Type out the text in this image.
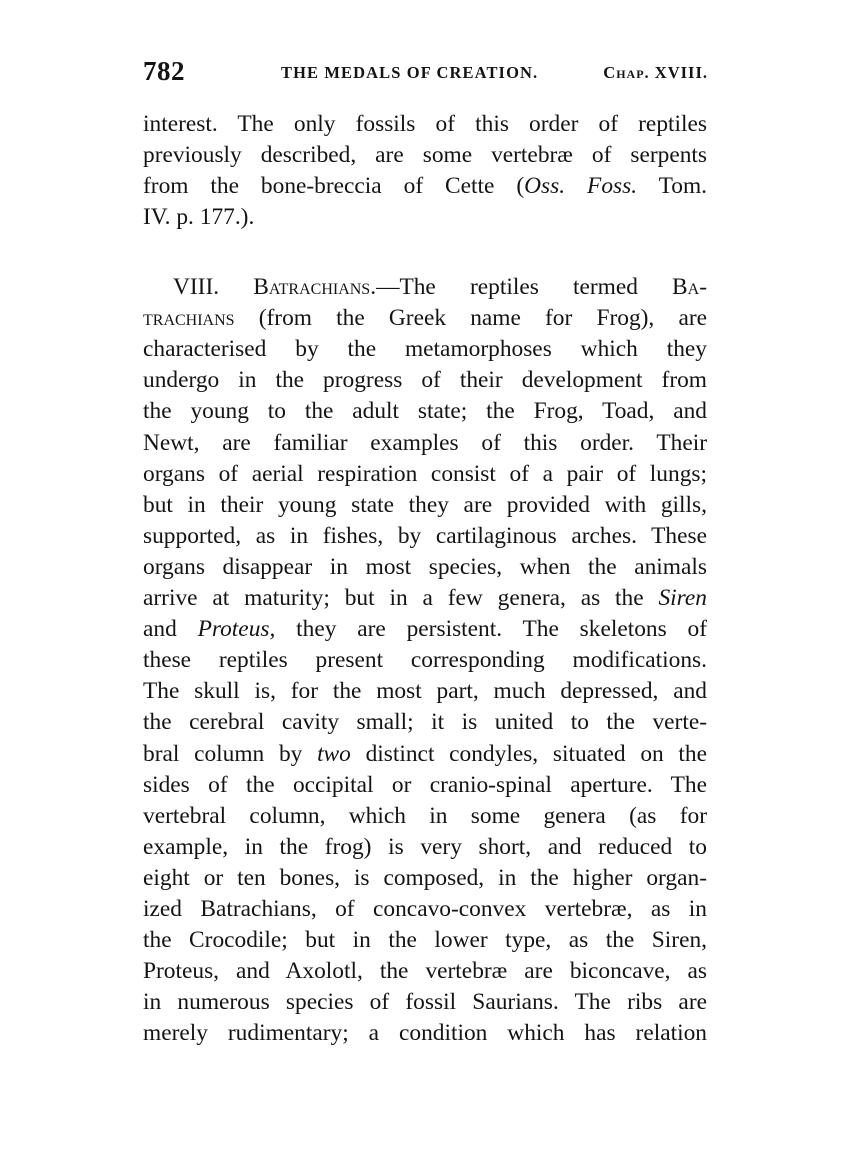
782	THE MEDALS OF CREATION.	Chap. XVIII.
interest. The only fossils of this order of reptiles
previously described, are some vertebræ of serpents
from the bone-breccia of Cette (Oss. Foss. Tom.
IV. p. 177.).
VIII. Batrachians.—The reptiles termed Ba-
trachians (from the Greek name for Frog), are
characterised by the metamorphoses which they
undergo in the progress of their development from
the young to the adult state; the Frog, Toad, and
Newt, are familiar examples of this order. Their
organs of aerial respiration consist of a pair of lungs;
but in their young state they are provided with gills,
supported, as in fishes, by cartilaginous arches. These
organs disappear in most species, when the animals
arrive at maturity; but in a few genera, as the Siren
and Proteus, they are persistent. The skeletons of
these reptiles present corresponding modifications.
The skull is, for the most part, much depressed, and
the cerebral cavity small; it is united to the verte-
bral column by two distinct condyles, situated on the
sides of the occipital or cranio-spinal aperture. The
vertebral column, which in some genera (as for
example, in the frog) is very short, and reduced to
eight or ten bones, is composed, in the higher organ-
ized Batrachians, of concavo-convex vertebræ, as in
the Crocodile; but in the lower type, as the Siren,
Proteus, and Axolotl, the vertebræ are biconcave, as
in numerous species of fossil Saurians. The ribs are
merely rudimentary; a condition which has relation
